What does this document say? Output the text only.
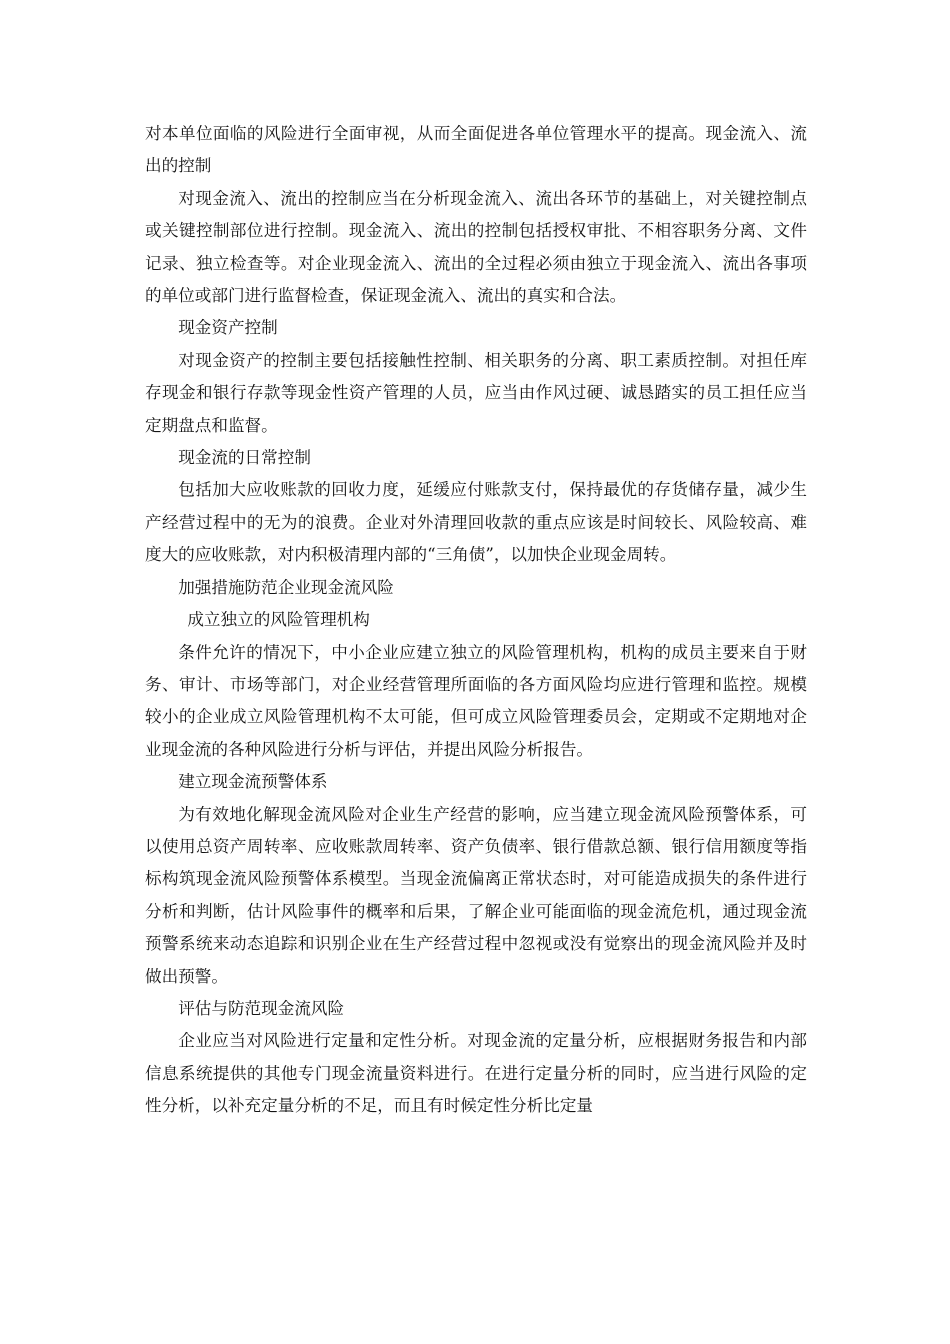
对本单位面临的风险进行全面审视，从而全面促进各单位管理水平的提高。现金流入、流出的控制

对现金流入、流出的控制应当在分析现金流入、流出各环节的基础上，对关键控制点或关键控制部位进行控制。现金流入、流出的控制包括授权审批、不相容职务分离、文件记录、独立检查等。对企业现金流入、流出的全过程必须由独立于现金流入、流出各事项的单位或部门进行监督检查，保证现金流入、流出的真实和合法。

现金资产控制

对现金资产的控制主要包括接触性控制、相关职务的分离、职工素质控制。对担任库存现金和银行存款等现金性资产管理的人员，应当由作风过硬、诚恳踏实的员工担任应当定期盘点和监督。

现金流的日常控制

包括加大应收账款的回收力度，延缓应付账款支付，保持最优的存货储存量，减少生产经营过程中的无为的浪费。企业对外清理回收款的重点应该是时间较长、风险较高、难度大的应收账款，对内积极清理内部的“三角债”，以加快企业现金周转。

加强措施防范企业现金流风险

成立独立的风险管理机构

条件允许的情况下，中小企业应建立独立的风险管理机构，机构的成员主要来自于财务、审计、市场等部门，对企业经营管理所面临的各方面风险均应进行管理和监控。规模较小的企业成立风险管理机构不太可能，但可成立风险管理委员会，定期或不定期地对企业现金流的各种风险进行分析与评估，并提出风险分析报告。

建立现金流预警体系

为有效地化解现金流风险对企业生产经营的影响，应当建立现金流风险预警体系，可以使用总资产周转率、应收账款周转率、资产负债率、银行借款总额、银行信用额度等指标构筑现金流风险预警体系模型。当现金流偏离正常状态时，对可能造成损失的条件进行分析和判断，估计风险事件的概率和后果，了解企业可能面临的现金流危机，通过现金流预警系统来动态追踪和识别企业在生产经营过程中忽视或没有觉察出的现金流风险并及时做出预警。

评估与防范现金流风险

企业应当对风险进行定量和定性分析。对现金流的定量分析，应根据财务报告和内部信息系统提供的其他专门现金流量资料进行。在进行定量分析的同时，应当进行风险的定性分析，以补充定量分析的不足，而且有时候定性分析比定量
